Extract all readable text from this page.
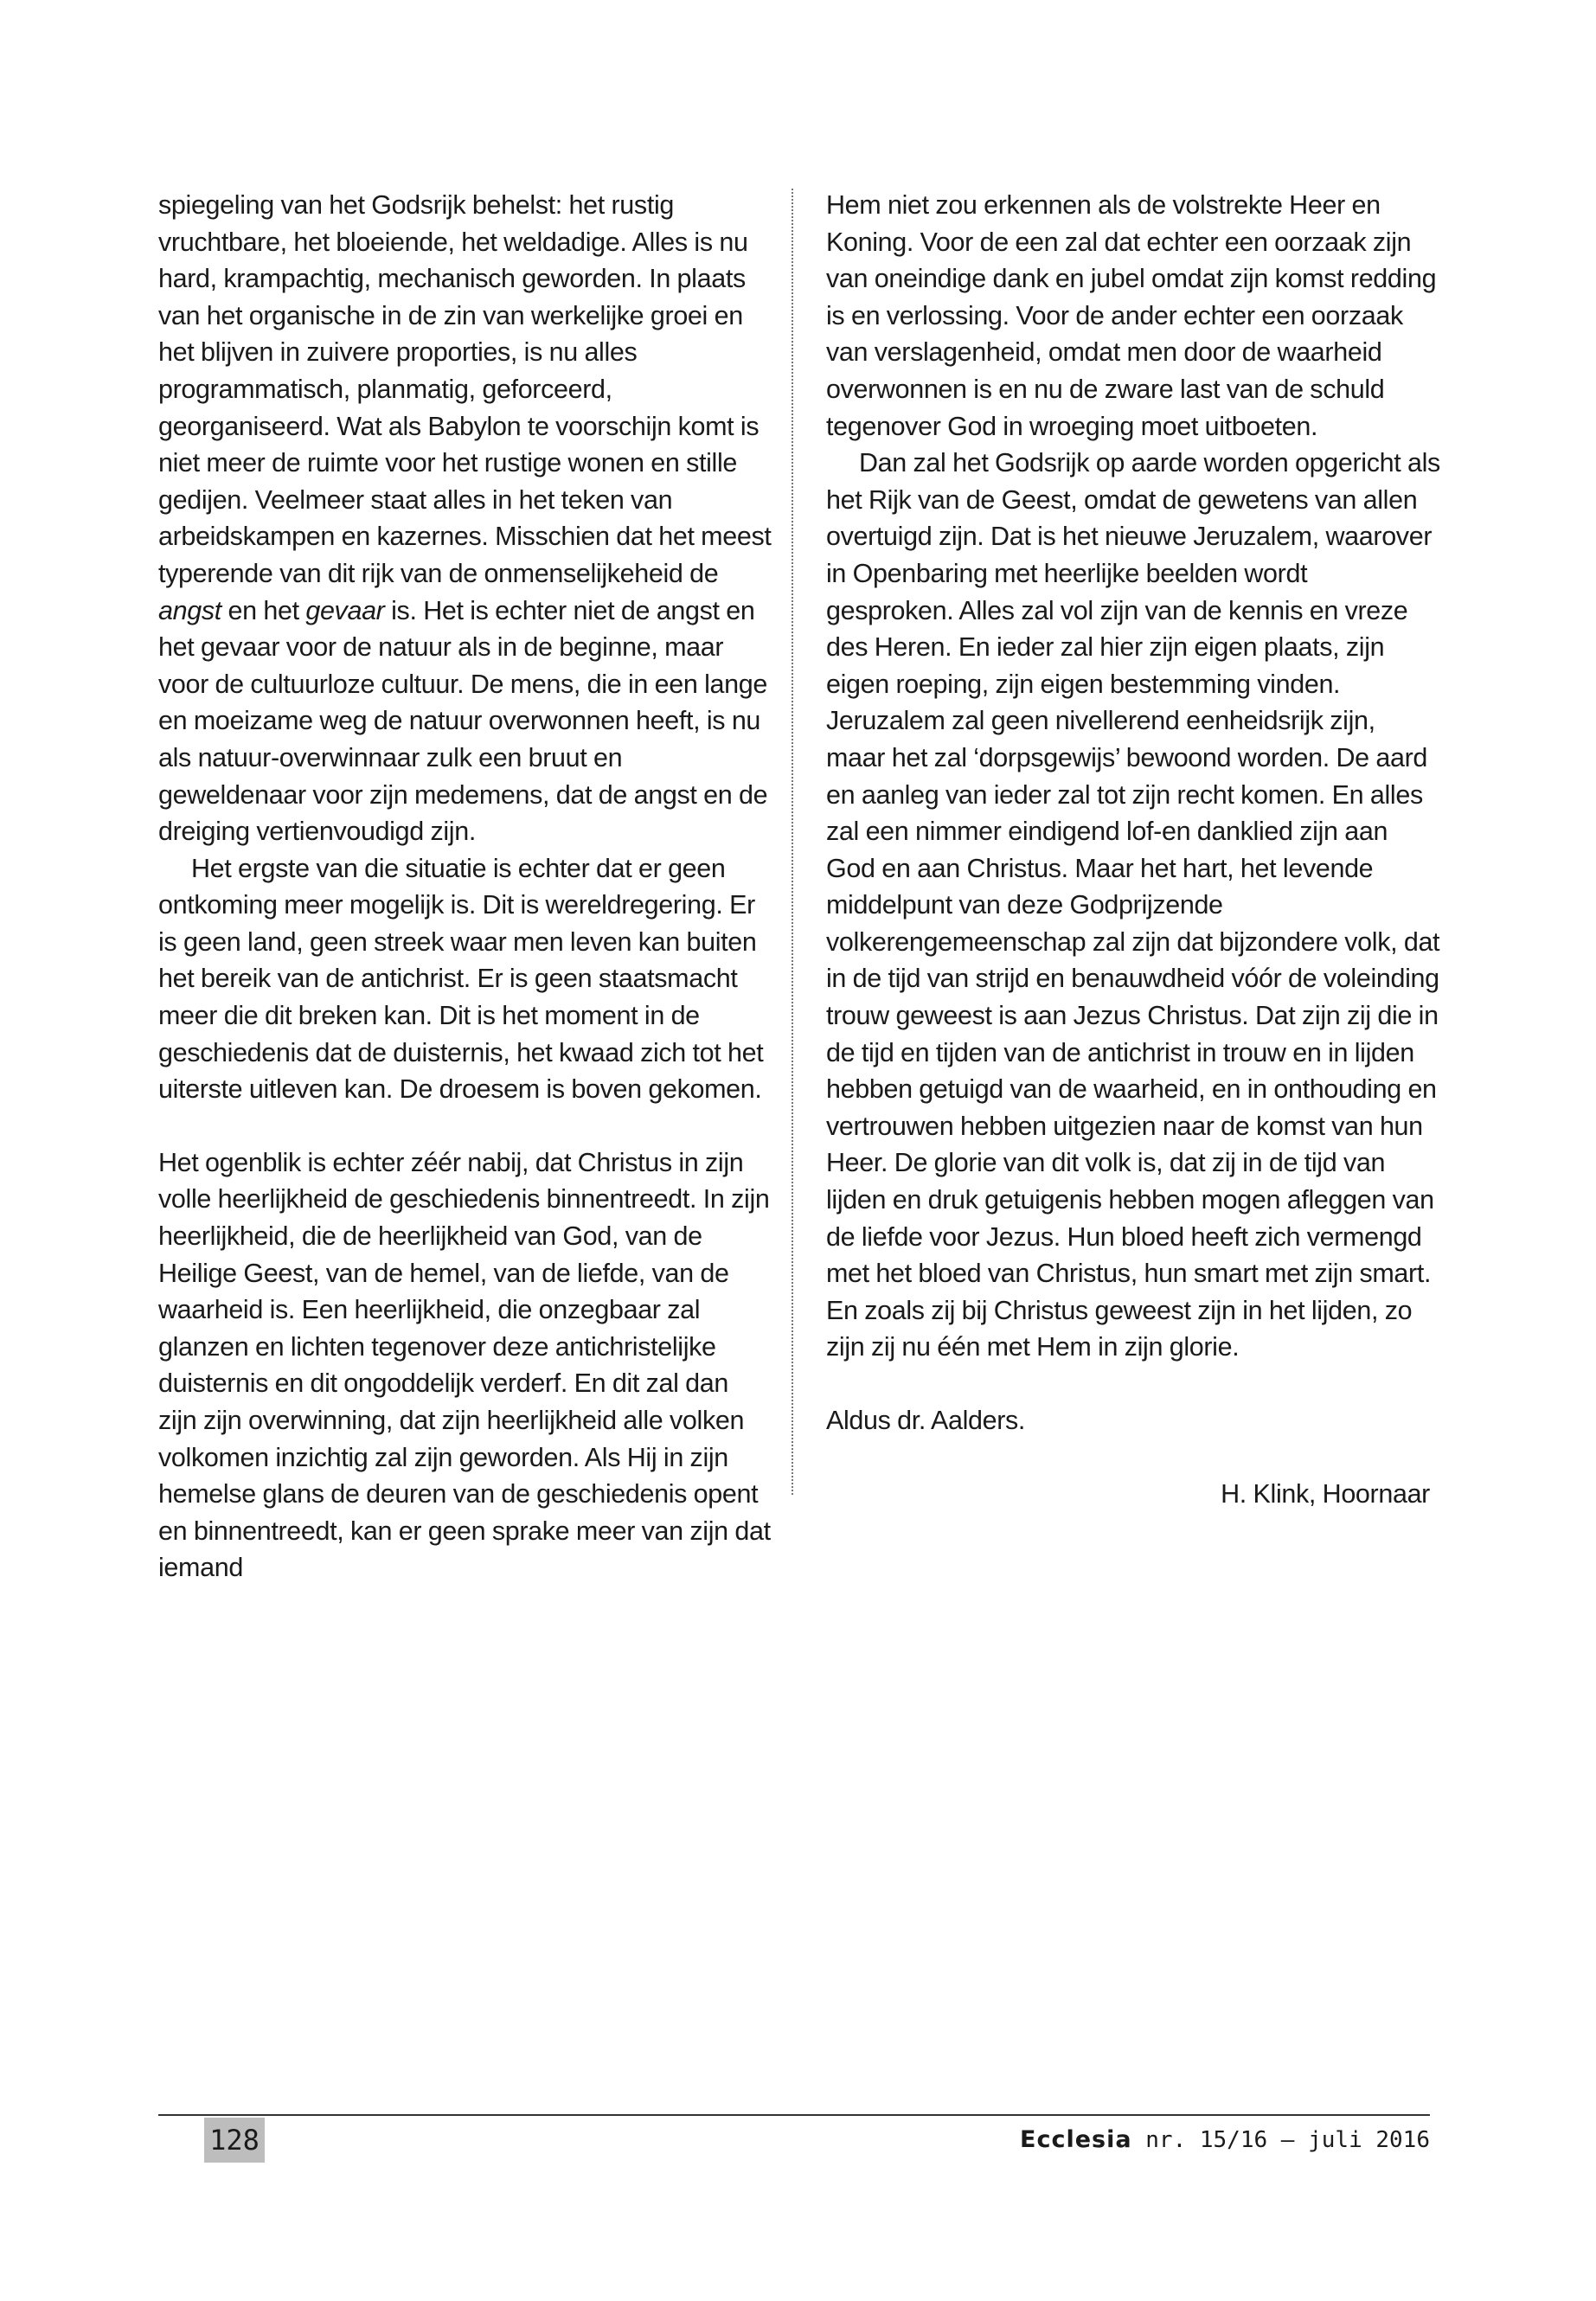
spiegeling van het Godsrijk behelst: het rustig vruchtbare, het bloeiende, het weldadige. Alles is nu hard, krampachtig, mechanisch geworden. In plaats van het organische in de zin van werkelijke groei en het blijven in zuivere proporties, is nu alles programmatisch, planmatig, geforceerd, georganiseerd. Wat als Babylon te voorschijn komt is niet meer de ruimte voor het rustige wonen en stille gedijen. Veelmeer staat alles in het teken van arbeidskampen en kazernes. Misschien dat het meest typerende van dit rijk van de onmenselijkeheid de angst en het gevaar is. Het is echter niet de angst en het gevaar voor de natuur als in de beginne, maar voor de cultuurloze cultuur. De mens, die in een lange en moeizame weg de natuur overwonnen heeft, is nu als natuur-overwinnaar zulk een bruut en geweldenaar voor zijn medemens, dat de angst en de dreiging vertienvoudigd zijn.

Het ergste van die situatie is echter dat er geen ontkoming meer mogelijk is. Dit is wereldregering. Er is geen land, geen streek waar men leven kan buiten het bereik van de antichrist. Er is geen staatsmacht meer die dit breken kan. Dit is het moment in de geschiedenis dat de duisternis, het kwaad zich tot het uiterste uitleven kan. De droesem is boven gekomen.

Het ogenblik is echter zéér nabij, dat Christus in zijn volle heerlijkheid de geschiedenis binnentreedt. In zijn heerlijkheid, die de heerlijkheid van God, van de Heilige Geest, van de hemel, van de liefde, van de waarheid is. Een heerlijkheid, die onzegbaar zal glanzen en lichten tegenover deze antichristelijke duisternis en dit ongoddelijk verderf. En dit zal dan zijn zijn overwinning, dat zijn heerlijkheid alle volken volkomen inzichtig zal zijn geworden. Als Hij in zijn hemelse glans de deuren van de geschiedenis opent en binnentreedt, kan er geen sprake meer van zijn dat iemand

Hem niet zou erkennen als de volstrekte Heer en Koning. Voor de een zal dat echter een oorzaak zijn van oneindige dank en jubel omdat zijn komst redding is en verlossing. Voor de ander echter een oorzaak van verslagenheid, omdat men door de waarheid overwonnen is en nu de zware last van de schuld tegenover God in wroeging moet uitboeten.

Dan zal het Godsrijk op aarde worden opgericht als het Rijk van de Geest, omdat de gewetens van allen overtuigd zijn. Dat is het nieuwe Jeruzalem, waarover in Openbaring met heerlijke beelden wordt gesproken. Alles zal vol zijn van de kennis en vreze des Heren. En ieder zal hier zijn eigen plaats, zijn eigen roeping, zijn eigen bestemming vinden. Jeruzalem zal geen nivellerend eenheidsrijk zijn, maar het zal ‘dorpsgewijs’ bewoond worden. De aard en aanleg van ieder zal tot zijn recht komen. En alles zal een nimmer eindigend lof-en danklied zijn aan God en aan Christus. Maar het hart, het levende middelpunt van deze Godprijzende volkerengemeenschap zal zijn dat bijzondere volk, dat in de tijd van strijd en benauwdheid vóór de voleinding trouw geweest is aan Jezus Christus. Dat zijn zij die in de tijd en tijden van de antichrist in trouw en in lijden hebben getuigd van de waarheid, en in onthouding en vertrouwen hebben uitgezien naar de komst van hun Heer. De glorie van dit volk is, dat zij in de tijd van lijden en druk getuigenis hebben mogen afleggen van de liefde voor Jezus. Hun bloed heeft zich vermengd met het bloed van Christus, hun smart met zijn smart. En zoals zij bij Christus geweest zijn in het lijden, zo zijn zij nu één met Hem in zijn glorie.

Aldus dr. Aalders.

H. Klink, Hoornaar

128	Ecclesia nr. 15/16 – juli 2016
